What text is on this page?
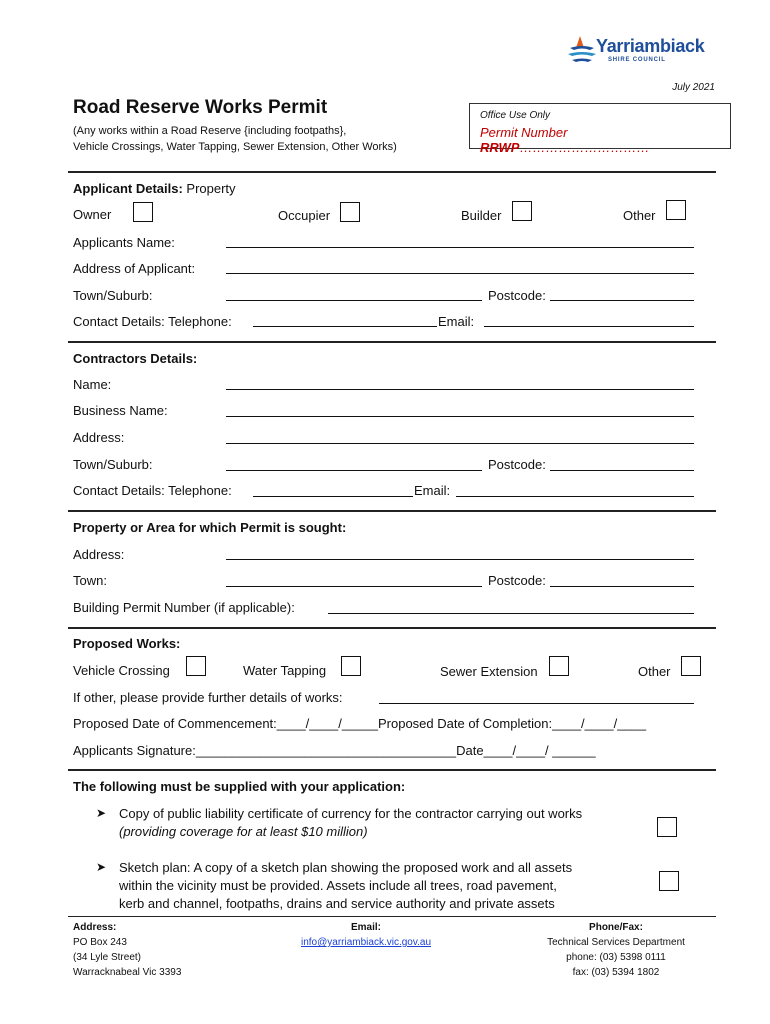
Yarriambiack
SHIRE COUNCIL
July 2021
Road Reserve Works Permit
(Any works within a Road Reserve {including footpaths},
Vehicle Crossings, Water Tapping, Sewer Extension, Other Works)
Office Use Only
Permit Number RRWP…………………………
Applicant Details: Property
Owner	Occupier	Builder	Other
Applicants Name:
Address of Applicant:
Town/Suburb:	Postcode:
Contact Details: Telephone:	Email:
Contractors Details:
Name:
Business Name:
Address:
Town/Suburb:	Postcode:
Contact Details: Telephone:	Email:
Property or Area for which Permit is sought:
Address:
Town:	Postcode:
Building Permit Number (if applicable):
Proposed Works:
Vehicle Crossing	Water Tapping	Sewer Extension	Other
If other, please provide further details of works:
Proposed Date of Commencement:____/____/_____Proposed Date of Completion:____/____/____
Applicants Signature:____________________________________Date____/____/ ______
The following must be supplied with your application:
➤ Copy of public liability certificate of currency for the contractor carrying out works
(providing coverage for at least $10 million)
➤ Sketch plan: A copy of a sketch plan showing the proposed work and all assets
within the vicinity must be provided. Assets include all trees, road pavement,
kerb and channel, footpaths, drains and service authority and private assets
Address:
PO Box 243
(34 Lyle Street)
Warracknabeal Vic 3393
Email:
info@yarriambiack.vic.gov.au
Phone/Fax:
Technical Services Department
phone: (03) 5398 0111
fax: (03) 5394 1802
